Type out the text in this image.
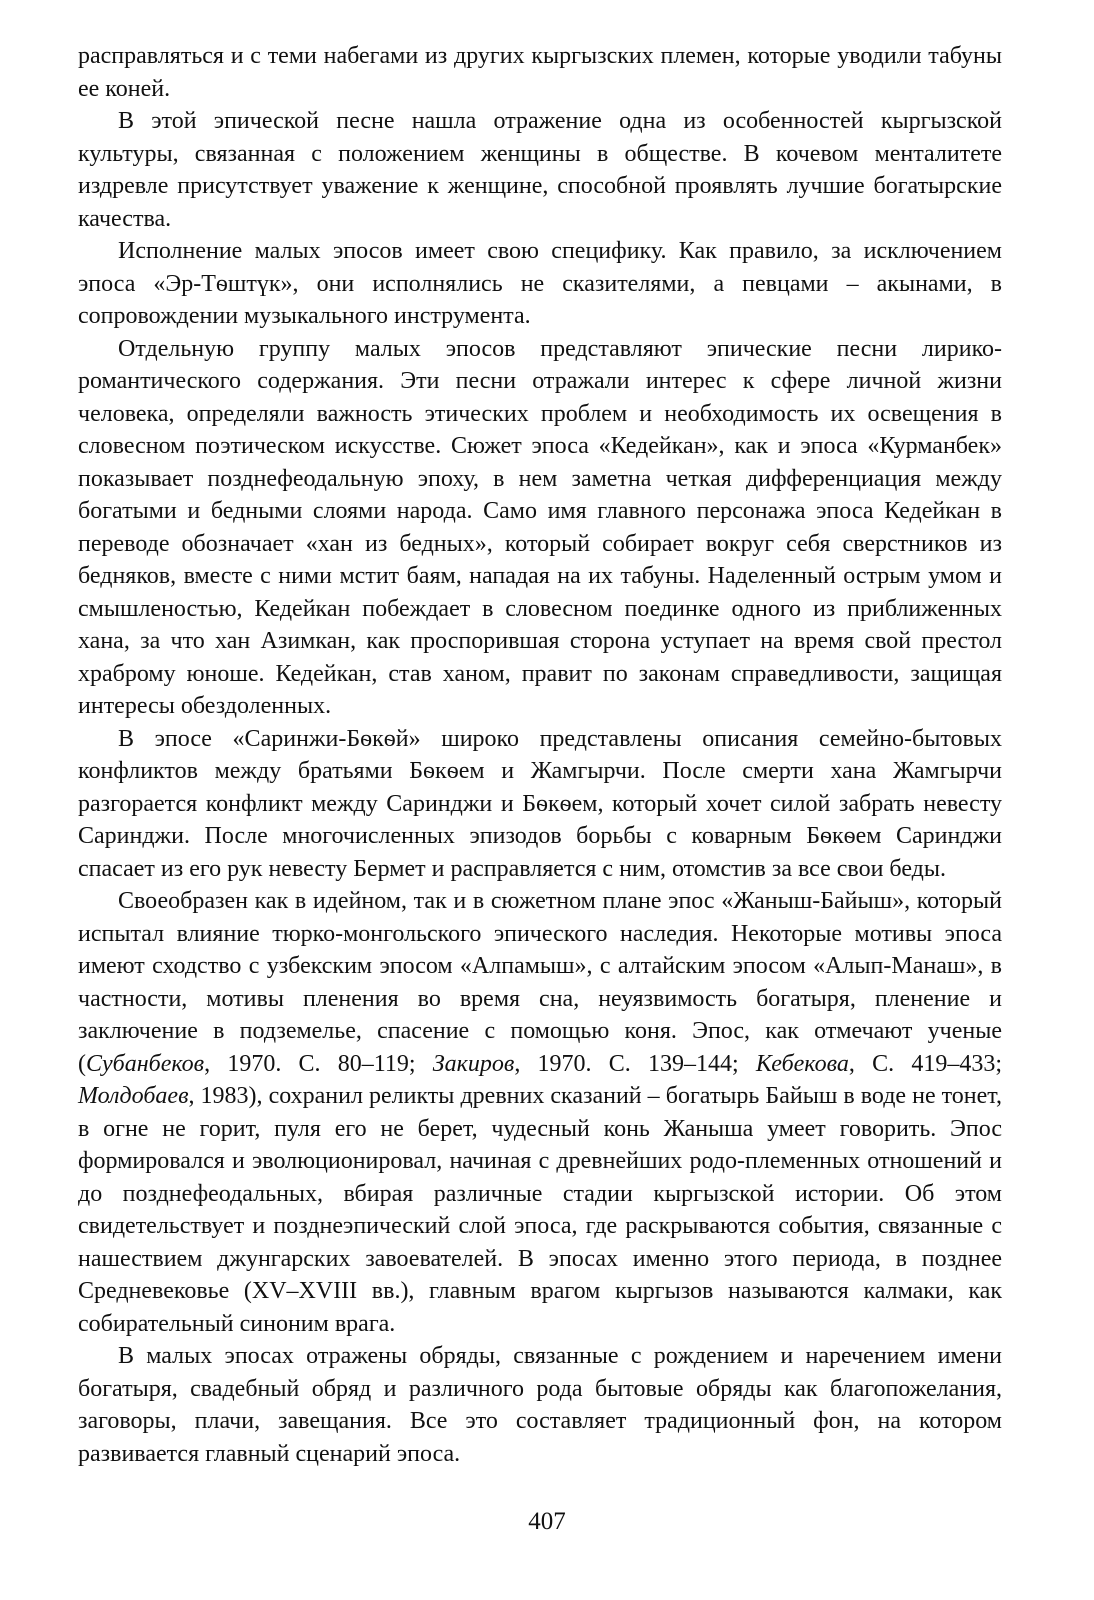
расправляться и с теми набегами из других кыргызских племен, которые уводили табуны ее коней.

В этой эпической песне нашла отражение одна из особенностей кыргызской культуры, связанная с положением женщины в обществе. В кочевом менталитете издревле присутствует уважение к женщине, способной проявлять лучшие богатырские качества.

Исполнение малых эпосов имеет свою специфику. Как правило, за исключением эпоса «Эр-Тѳштүк», они исполнялись не сказителями, а певцами – акынами, в сопровождении музыкального инструмента.

Отдельную группу малых эпосов представляют эпические песни лирико-романтического содержания. Эти песни отражали интерес к сфере личной жизни человека, определяли важность этических проблем и необходимость их освещения в словесном поэтическом искусстве. Сюжет эпоса «Кедейкан», как и эпоса «Курманбек» показывает позднефеодальную эпоху, в нем заметна четкая дифференциация между богатыми и бедными слоями народа. Само имя главного персонажа эпоса Кедейкан в переводе обозначает «хан из бедных», который собирает вокруг себя сверстников из бедняков, вместе с ними мстит баям, нападая на их табуны. Наделенный острым умом и смышленостью, Кедейкан побеждает в словесном поединке одного из приближенных хана, за что хан Азимкан, как проспорившая сторона уступает на время свой престол храброму юноше. Кедейкан, став ханом, правит по законам справедливости, защищая интересы обездоленных.

В эпосе «Саринжи-Бѳкѳй» широко представлены описания семейно-бытовых конфликтов между братьями Бѳкѳем и Жамгырчи. После смерти хана Жамгырчи разгорается конфликт между Саринджи и Бѳкѳем, который хочет силой забрать невесту Саринджи. После многочисленных эпизодов борьбы с коварным Бѳкѳем Саринджи спасает из его рук невесту Бермет и расправляется с ним, отомстив за все свои беды.

Своеобразен как в идейном, так и в сюжетном плане эпос «Жаныш-Байыш», который испытал влияние тюрко-монгольского эпического наследия. Некоторые мотивы эпоса имеют сходство с узбекским эпосом «Алпамыш», с алтайским эпосом «Алып-Манаш», в частности, мотивы пленения во время сна, неуязвимость богатыря, пленение и заключение в подземелье, спасение с помощью коня. Эпос, как отмечают ученые (Субанбеков, 1970. С. 80–119; Закиров, 1970. С. 139–144; Кебекова, С. 419–433; Молдобаев, 1983), сохранил реликты древних сказаний – богатырь Байыш в воде не тонет, в огне не горит, пуля его не берет, чудесный конь Жаныша умеет говорить. Эпос формировался и эволюционировал, начиная с древнейших родо-племенных отношений и до позднефеодальных, вбирая различные стадии кыргызской истории. Об этом свидетельствует и позднеэпический слой эпоса, где раскрываются события, связанные с нашествием джунгарских завоевателей. В эпосах именно этого периода, в позднее Средневековье (XV–XVIII вв.), главным врагом кыргызов называются калмаки, как собирательный синоним врага.

В малых эпосах отражены обряды, связанные с рождением и наречением имени богатыря, свадебный обряд и различного рода бытовые обряды как благопожелания, заговоры, плачи, завещания. Все это составляет традиционный фон, на котором развивается главный сценарий эпоса.

407
